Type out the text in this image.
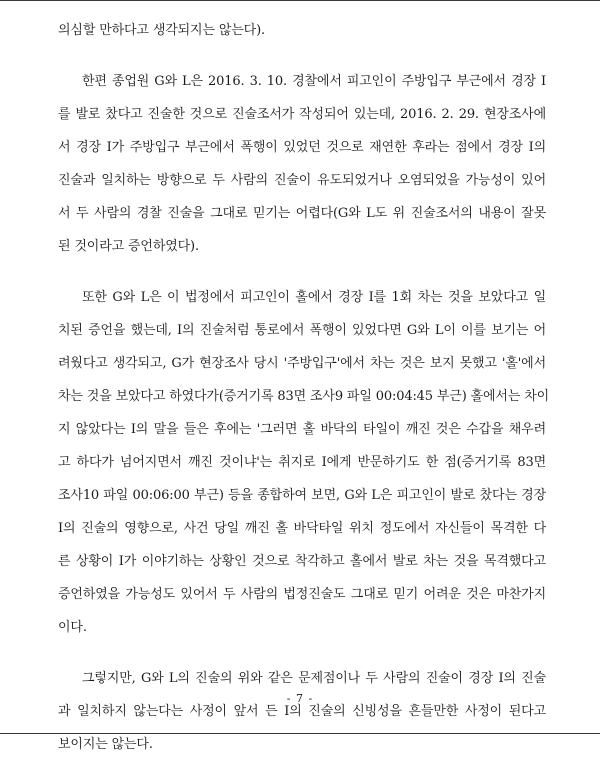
의심할 만하다고 생각되지는 않는다).
한편 종업원 G와 L은 2016. 3. 10. 경찰에서 피고인이 주방입구 부근에서 경장 I
를 발로 찼다고 진술한 것으로 진술조서가 작성되어 있는데, 2016. 2. 29. 현장조사에
서 경장 I가 주방입구 부근에서 폭행이 있었던 것으로 재연한 후라는 점에서 경장 I의
진술과 일치하는 방향으로 두 사람의 진술이 유도되었거나 오염되었을 가능성이 있어
서 두 사람의 경찰 진술을 그대로 믿기는 어렵다(G와 L도 위 진술조서의 내용이 잘못
된 것이라고 증언하였다).
또한 G와 L은 이 법정에서 피고인이 홀에서 경장 I를 1회 차는 것을 보았다고 일
치된 증언을 했는데, I의 진술처럼 통로에서 폭행이 있었다면 G와 L이 이를 보기는 어
려웠다고 생각되고, G가 현장조사 당시 '주방입구'에서 차는 것은 보지 못했고 '홀'에서
차는 것을 보았다고 하였다가(증거기록 83면 조사9 파일 00:04:45 부근) 홀에서는 차이
지 않았다는 I의 말을 들은 후에는 '그러면 홀 바닥의 타일이 깨진 것은 수갑을 채우려
고 하다가 넘어지면서 깨진 것이냐'는 취지로 I에게 반문하기도 한 점(증거기록 83면
조사10 파일 00:06:00 부근) 등을 종합하여 보면, G와 L은 피고인이 발로 찼다는 경장
I의 진술의 영향으로, 사건 당일 깨진 홀 바닥타일 위치 정도에서 자신들이 목격한 다
른 상황이 I가 이야기하는 상황인 것으로 착각하고 홀에서 발로 차는 것을 목격했다고
증언하였을 가능성도 있어서 두 사람의 법정진술도 그대로 믿기 어려운 것은 마찬가지
이다.
그렇지만, G와 L의 진술의 위와 같은 문제점이나 두 사람의 진술이 경장 I의 진술
과 일치하지 않는다는 사정이 앞서 든 I의 진술의 신빙성을 흔들만한 사정이 된다고
보이지는 않는다.
- 7 -
